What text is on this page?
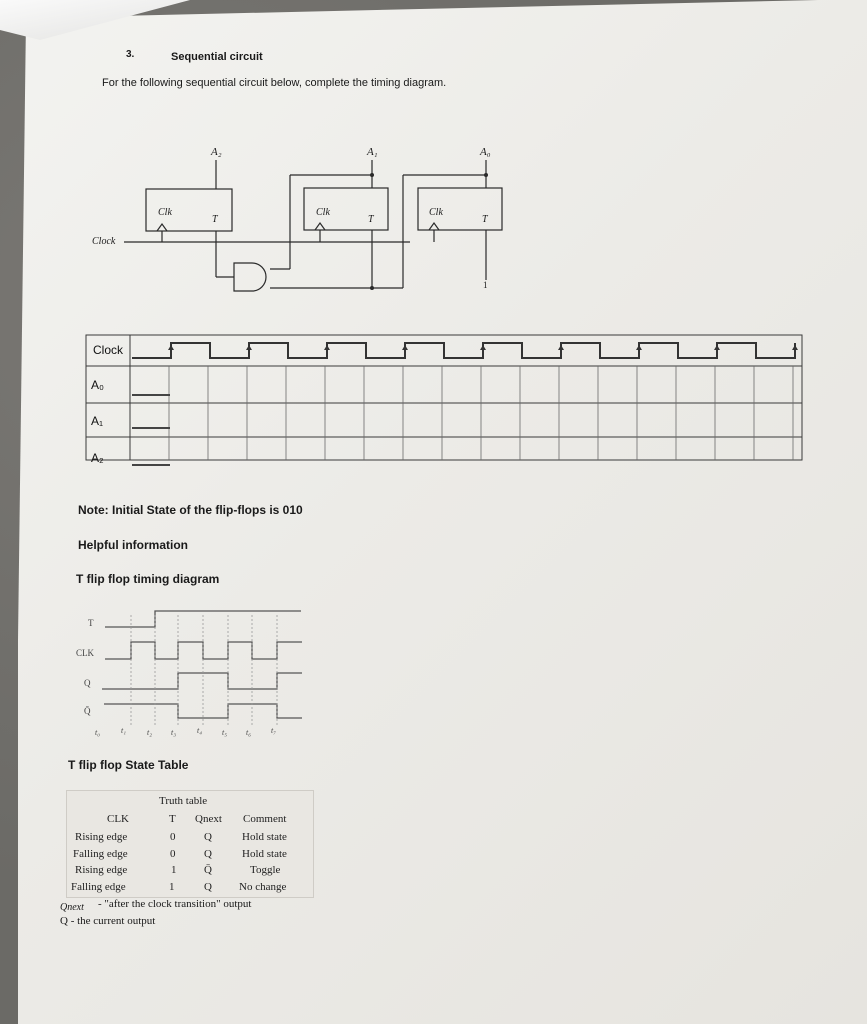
3.	Sequential circuit
For the following sequential circuit below, complete the timing diagram.
A₂	A₁	A₀
Clk
T
Clk
T
Clk
T
Clock
1
Clock
A₀
A₁
A₂
Note: Initial State of the flip-flops is 010
Helpful information
T flip flop timing diagram
T
CLK
Q
Q̄
t₀	t₁	t₂ t₃	t₄ t₅ t₆ t₇
T flip flop State Table
Truth table
CLK	T Qnext Comment
Rising edge	0	Q	Hold state
Falling edge	0	Q	Hold state
Rising edge	1	Q̄	Toggle
Falling edge	1	Q No change
Qnext - "after the clock transition" output
Q - the current output
